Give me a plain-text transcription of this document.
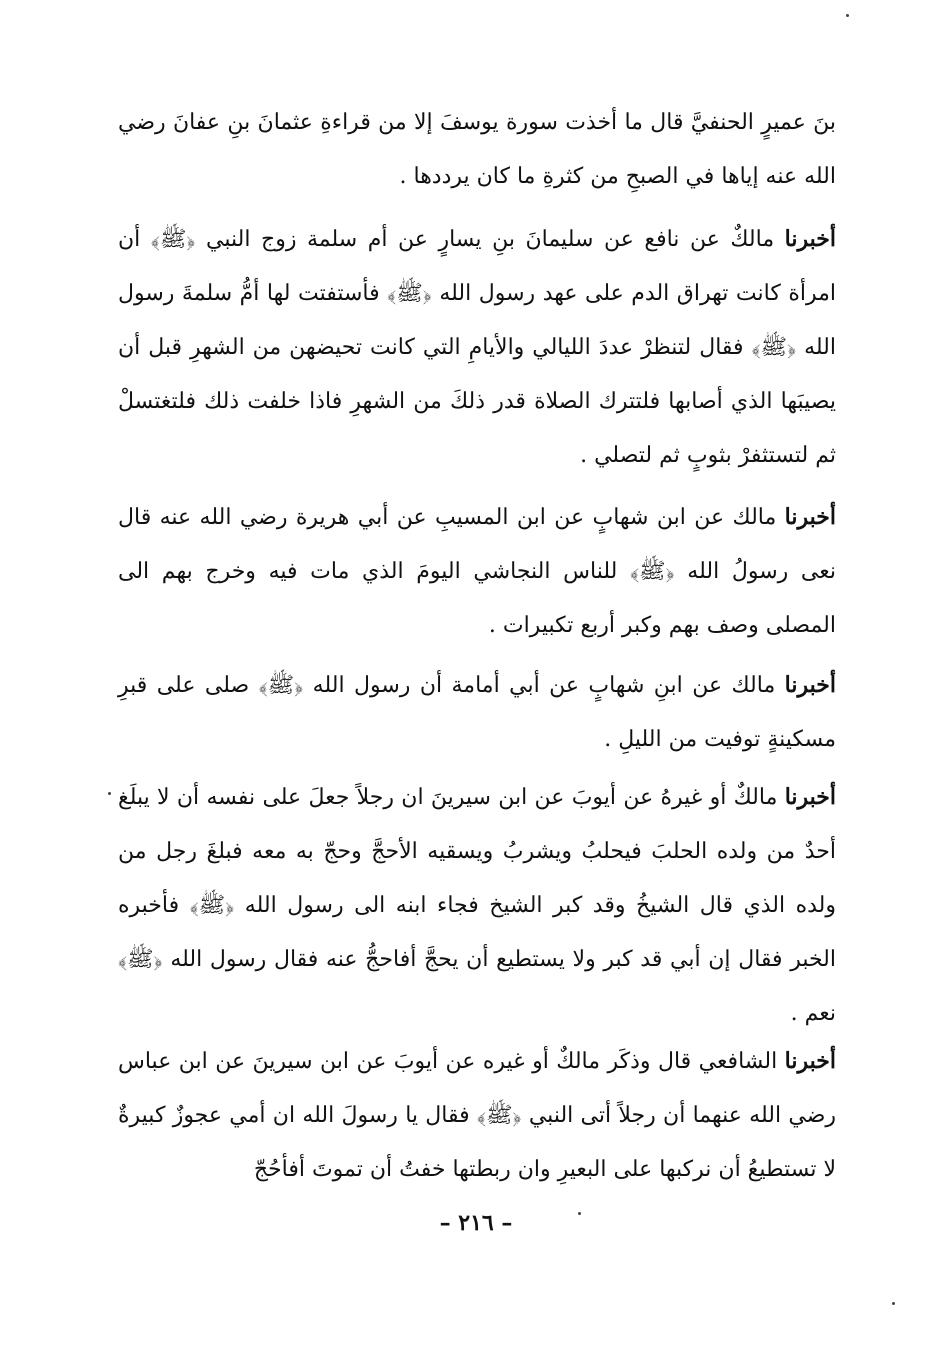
بنَ عميرٍ الحنفيَّ قال ما أخذت سورة يوسفَ إلا من قراءةِ عثمانَ بنِ عفانَ رضي الله عنه إياها في الصبحِ من كثرةِ ما كان يرددها .

أخبرنا مالكٌ عن نافع عن سليمانَ بنِ يسارٍ عن أم سلمة زوج النبي ﴿ﷺ﴾ أن امرأة كانت تهراق الدم على عهد رسول الله ﴿ﷺ﴾ فأستفتت لها أمُّ سلمةَ رسول الله ﴿ﷺ﴾ فقال لتنظرْ عددَ الليالي والأيامِ التي كانت تحيضهن من الشهرِ قبل أن يصيبَها الذي أصابها فلتترك الصلاة قدر ذلكَ من الشهرِ فاذا خلفت ذلك فلتغتسلْ ثم لتستثفرْ بثوبٍ ثم لتصلي .

أخبرنا مالك عن ابن شهابٍ عن ابن المسيبِ عن أبي هريرة رضي الله عنه قال نعى رسولُ الله ﴿ﷺ﴾ للناس النجاشي اليومَ الذي مات فيه وخرج بهم الى المصلى وصف بهم وكبر أربع تكبيرات .

أخبرنا مالك عن ابنِ شهابٍ عن أبي أمامة أن رسول الله ﴿ﷺ﴾ صلى على قبرِ مسكينةٍ توفيت من الليلِ .

أخبرنا مالكٌ أو غيرهُ عن أيوبَ عن ابن سيرينَ ان رجلاً جعلَ على نفسه أن لا يبلَغ أحدٌ من ولده الحلبَ فيحلبُ ويشربُ ويسقيه الأحجَّ وحجّ به معه فبلغَ رجل من ولده الذي قال الشيخُ وقد كبر الشيخ فجاء ابنه الى رسول الله ﴿ﷺ﴾ فأخبره الخبر فقال إن أبي قد كبر ولا يستطيع أن يحجَّ أفاحجُّ عنه فقال رسول الله ﴿ﷺ﴾ نعم .

أخبرنا الشافعي قال وذكَر مالكٌ أو غيره عن أيوبَ عن ابن سيرينَ عن ابن عباس رضي الله عنهما أن رجلاً أتى النبي ﴿ﷺ﴾ فقال يا رسولَ الله ان أمي عجوزٌ كبيرةٌ لا تستطيعُ أن نركبها على البعيرِ وان ربطتها خفتُ أن تموتَ أفأحُجّ

– ٢١٦ –
